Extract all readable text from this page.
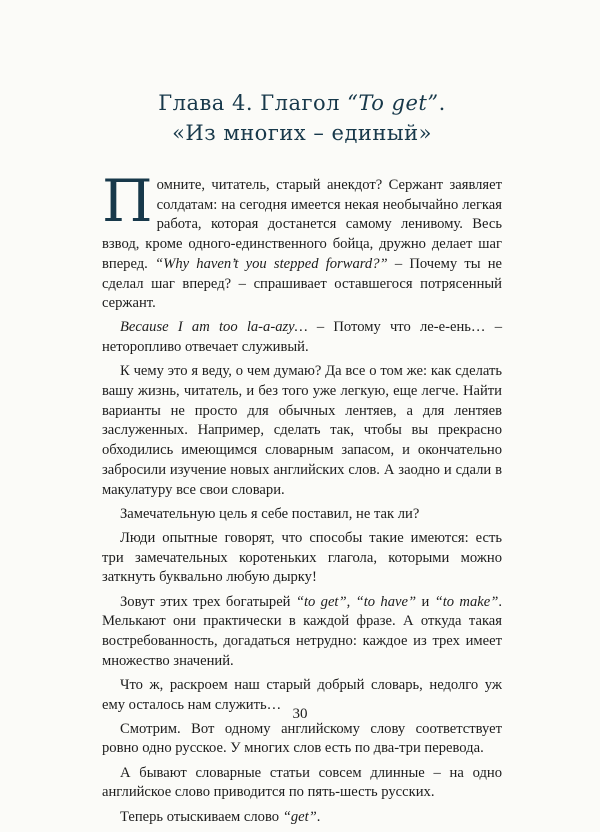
Глава 4. Глагол “To get”.
«Из многих – единый»

Помните, читатель, старый анекдот? Сержант заявляет солдатам: на сегодня имеется некая необычайно легкая работа, которая достанется самому ленивому. Весь взвод, кроме одного-единственного бойца, дружно делает шаг вперед. “Why haven’t you stepped forward?” – Почему ты не сделал шаг вперед? – спрашивает оставшегося потрясенный сержант.

Because I am too la-a-azy… – Потому что ле-е-ень… – неторопливо отвечает служивый.

К чему это я веду, о чем думаю? Да все о том же: как сделать вашу жизнь, читатель, и без того уже легкую, еще легче. Найти варианты не просто для обычных лентяев, а для лентяев заслуженных. Например, сделать так, чтобы вы прекрасно обходились имеющимся словарным запасом, и окончательно забросили изучение новых английских слов. А заодно и сдали в макулатуру все свои словари.

Замечательную цель я себе поставил, не так ли?

Люди опытные говорят, что способы такие имеются: есть три замечательных коротеньких глагола, которыми можно заткнуть буквально любую дырку!

Зовут этих трех богатырей “to get”, “to have” и “to make”. Мелькают они практически в каждой фразе. А откуда такая востребованность, догадаться нетрудно: каждое из трех имеет множество значений.

Что ж, раскроем наш старый добрый словарь, недолго уж ему осталось нам служить…

Смотрим. Вот одному английскому слову соответствует ровно одно русское. У многих слов есть по два-три перевода.

А бывают словарные статьи совсем длинные – на одно английское слово приводится по пять-шесть русских.

Теперь отыскиваем слово “get”.

30
